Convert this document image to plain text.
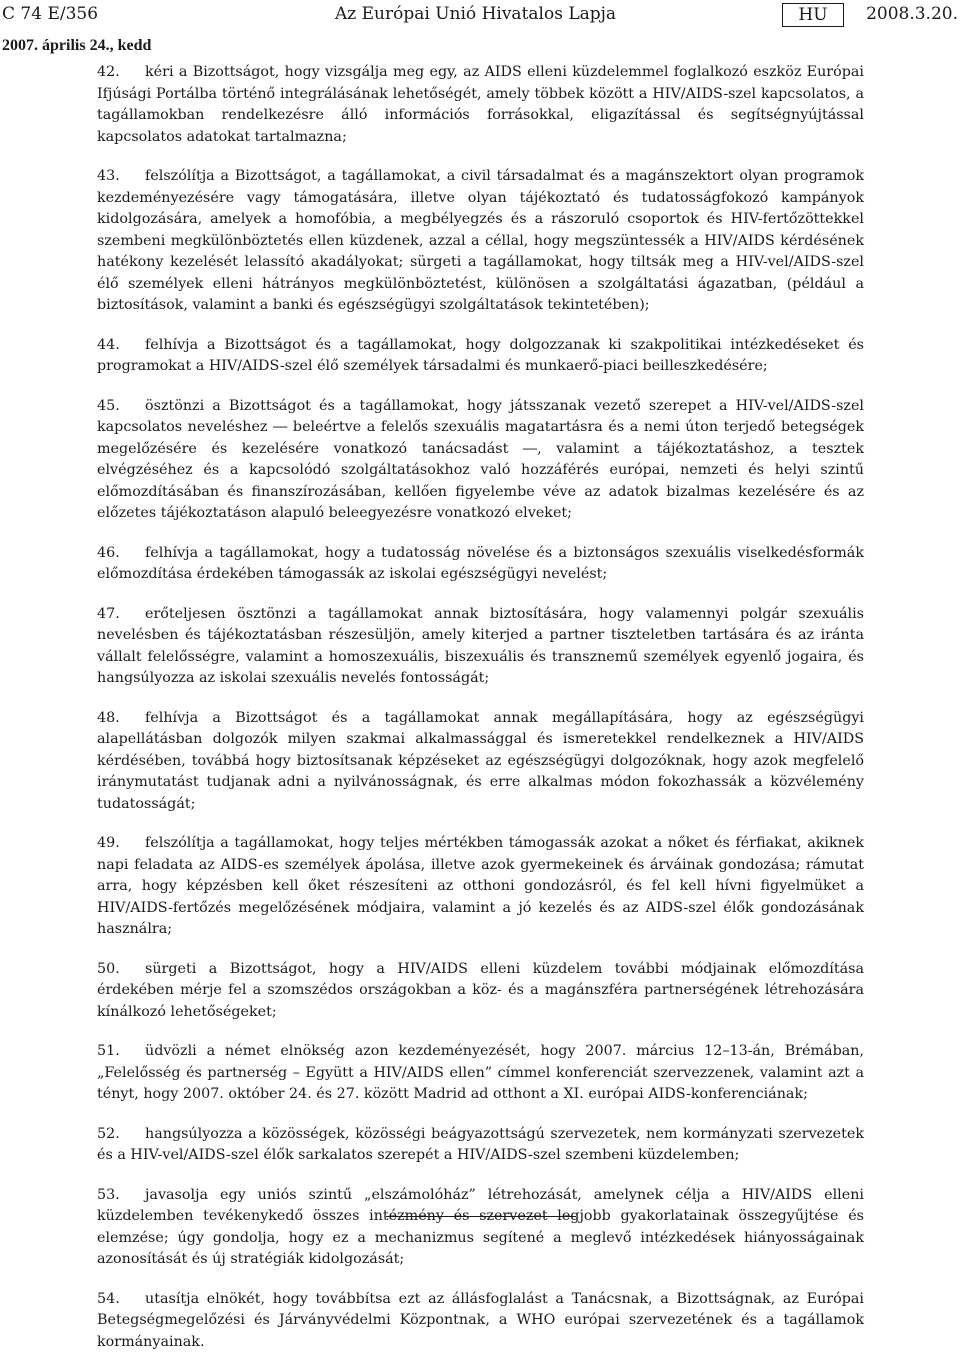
C 74 E/356	Az Európai Unió Hivatalos Lapja	HU	2008.3.20.
2007. április 24., kedd

42. kéri a Bizottságot, hogy vizsgálja meg egy, az AIDS elleni küzdelemmel foglalkozó eszköz Európai Ifjúsági Portálba történő integrálásának lehetőségét, amely többek között a HIV/AIDS-szel kapcsolatos, a tagállamokban rendelkezésre álló információs forrásokkal, eligazítással és segítségnyújtással kapcsolatos adatokat tartalmazna;

43. felszólítja a Bizottságot, a tagállamokat, a civil társadalmat és a magánszektort olyan programok kezdeményezésére vagy támogatására, illetve olyan tájékoztató és tudatosságfokozó kampányok kidolgozására, amelyek a homofóbia, a megbélyegzés és a rászoruló csoportok és HIV-fertőzöttekkel szembeni megkülönböztetés ellen küzdenek, azzal a céllal, hogy megszüntessék a HIV/AIDS kérdésének hatékony kezelését lelassító akadályokat; sürgeti a tagállamokat, hogy tiltsák meg a HIV-vel/AIDS-szel élő személyek elleni hátrányos megkülönböztetést, különösen a szolgáltatási ágazatban, (például a biztosítások, valamint a banki és egészségügyi szolgáltatások tekintetében);

44. felhívja a Bizottságot és a tagállamokat, hogy dolgozzanak ki szakpolitikai intézkedéseket és programokat a HIV/AIDS-szel élő személyek társadalmi és munkaerő-piaci beilleszkedésére;

45. ösztönzi a Bizottságot és a tagállamokat, hogy játsszanak vezető szerepet a HIV-vel/AIDS-szel kapcsolatos neveléshez ― beleértve a felelős szexuális magatartásra és a nemi úton terjedő betegségek megelőzésére és kezelésére vonatkozó tanácsadást ―, valamint a tájékoztatáshoz, a tesztek elvégzéséhez és a kapcsolódó szolgáltatásokhoz való hozzáférés európai, nemzeti és helyi szintű előmozdításában és finanszírozásában, kellően figyelembe véve az adatok bizalmas kezelésére és az előzetes tájékoztatáson alapuló beleegyezésre vonatkozó elveket;

46. felhívja a tagállamokat, hogy a tudatosság növelése és a biztonságos szexuális viselkedésformák előmozdítása érdekében támogassák az iskolai egészségügyi nevelést;

47. erőteljesen ösztönzi a tagállamokat annak biztosítására, hogy valamennyi polgár szexuális nevelésben és tájékoztatásban részesüljön, amely kiterjed a partner tiszteletben tartására és az iránta vállalt felelősségre, valamint a homoszexuális, biszexuális és transznemű személyek egyenlő jogaira, és hangsúlyozza az iskolai szexuális nevelés fontosságát;

48. felhívja a Bizottságot és a tagállamokat annak megállapítására, hogy az egészségügyi alapellátásban dolgozók milyen szakmai alkalmassággal és ismeretekkel rendelkeznek a HIV/AIDS kérdésében, továbbá hogy biztosítsanak képzéseket az egészségügyi dolgozóknak, hogy azok megfelelő iránymutatást tudjanak adni a nyilvánosságnak, és erre alkalmas módon fokozhassák a közvélemény tudatosságát;

49. felszólítja a tagállamokat, hogy teljes mértékben támogassák azokat a nőket és férfiakat, akiknek napi feladata az AIDS-es személyek ápolása, illetve azok gyermekeinek és árváinak gondozása; rámutat arra, hogy képzésben kell őket részesíteni az otthoni gondozásról, és fel kell hívni figyelmüket a HIV/AIDS-fertőzés megelőzésének módjaira, valamint a jó kezelés és az AIDS-szel élők gondozásának használra;

50. sürgeti a Bizottságot, hogy a HIV/AIDS elleni küzdelem további módjainak előmozdítása érdekében mérje fel a szomszédos országokban a köz- és a magánszféra partnerségének létrehozására kínálkozó lehetőségeket;

51. üdvözli a német elnökség azon kezdeményezését, hogy 2007. március 12–13-án, Brémában, „Felelősség és partnerség – Együtt a HIV/AIDS ellen” címmel konferenciát szervezzenek, valamint azt a tényt, hogy 2007. október 24. és 27. között Madrid ad otthont a XI. európai AIDS-konferenciának;

52. hangsúlyozza a közösségek, közösségi beágyazottságú szervezetek, nem kormányzati szervezetek és a HIV-vel/AIDS-szel élők sarkalatos szerepét a HIV/AIDS-szel szembeni küzdelemben;

53. javasolja egy uniós szintű „elszámolóház” létrehozását, amelynek célja a HIV/AIDS elleni küzdelemben tevékenykedő összes intézmény és szervezet legjobb gyakorlatainak összegyűjtése és elemzése; úgy gondolja, hogy ez a mechanizmus segítené a meglevő intézkedések hiányosságainak azonosítását és új stratégiák kidolgozását;

54. utasítja elnökét, hogy továbbítsa ezt az állásfoglalást a Tanácsnak, a Bizottságnak, az Európai Betegségmegelőzési és Járványvédelmi Központnak, a WHO európai szervezetének és a tagállamok kormányainak.
